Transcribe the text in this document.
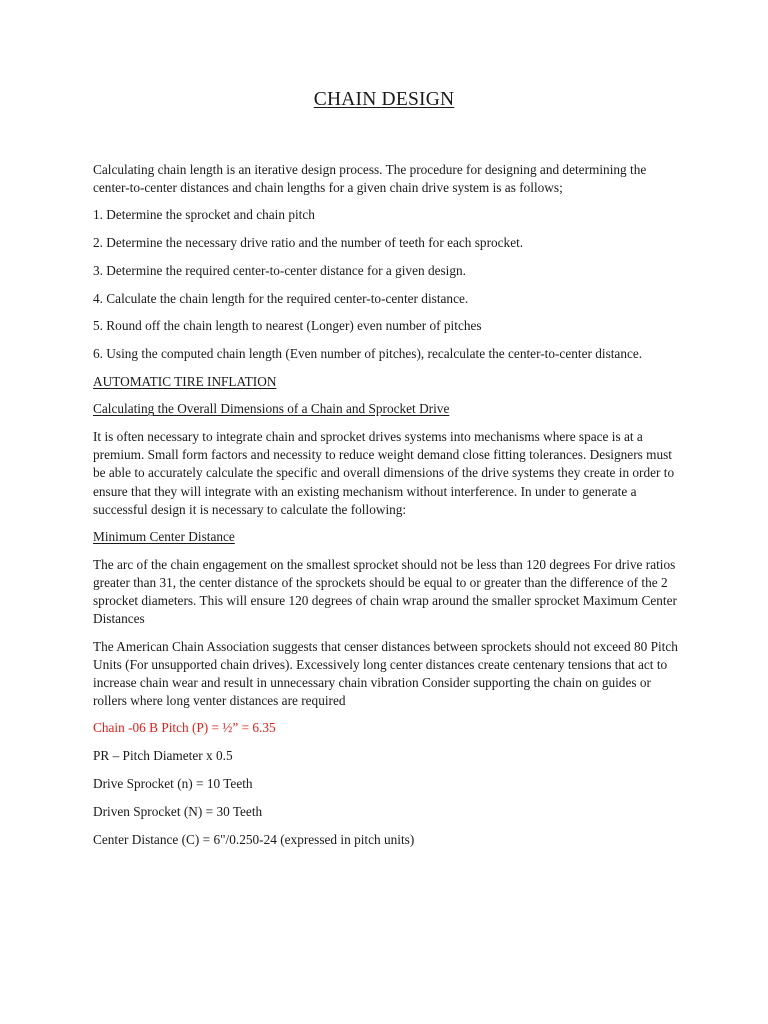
CHAIN DESIGN

Calculating chain length is an iterative design process. The procedure for designing and determining the center-to-center distances and chain lengths for a given chain drive system is as follows;

1. Determine the sprocket and chain pitch

2. Determine the necessary drive ratio and the number of teeth for each sprocket.

3. Determine the required center-to-center distance for a given design.

4. Calculate the chain length for the required center-to-center distance.

5. Round off the chain length to nearest (Longer) even number of pitches

6. Using the computed chain length (Even number of pitches), recalculate the center-to-center distance.

AUTOMATIC TIRE INFLATION

Calculating the Overall Dimensions of a Chain and Sprocket Drive

It is often necessary to integrate chain and sprocket drives systems into mechanisms where space is at a premium. Small form factors and necessity to reduce weight demand close fitting tolerances. Designers must be able to accurately calculate the specific and overall dimensions of the drive systems they create in order to ensure that they will integrate with an existing mechanism without interference. In under to generate a successful design it is necessary to calculate the following:

Minimum Center Distance

The arc of the chain engagement on the smallest sprocket should not be less than 120 degrees For drive ratios greater than 31, the center distance of the sprockets should be equal to or greater than the difference of the 2 sprocket diameters. This will ensure 120 degrees of chain wrap around the smaller sprocket Maximum Center Distances

The American Chain Association suggests that censer distances between sprockets should not exceed 80 Pitch Units (For unsupported chain drives). Excessively long center distances create centenary tensions that act to increase chain wear and result in unnecessary chain vibration Consider supporting the chain on guides or rollers where long venter distances are required

Chain -06 B Pitch (P) = ½” = 6.35

PR – Pitch Diameter x 0.5

Drive Sprocket (n) = 10 Teeth

Driven Sprocket (N) = 30 Teeth

Center Distance (C) = 6"/0.250-24 (expressed in pitch units)
